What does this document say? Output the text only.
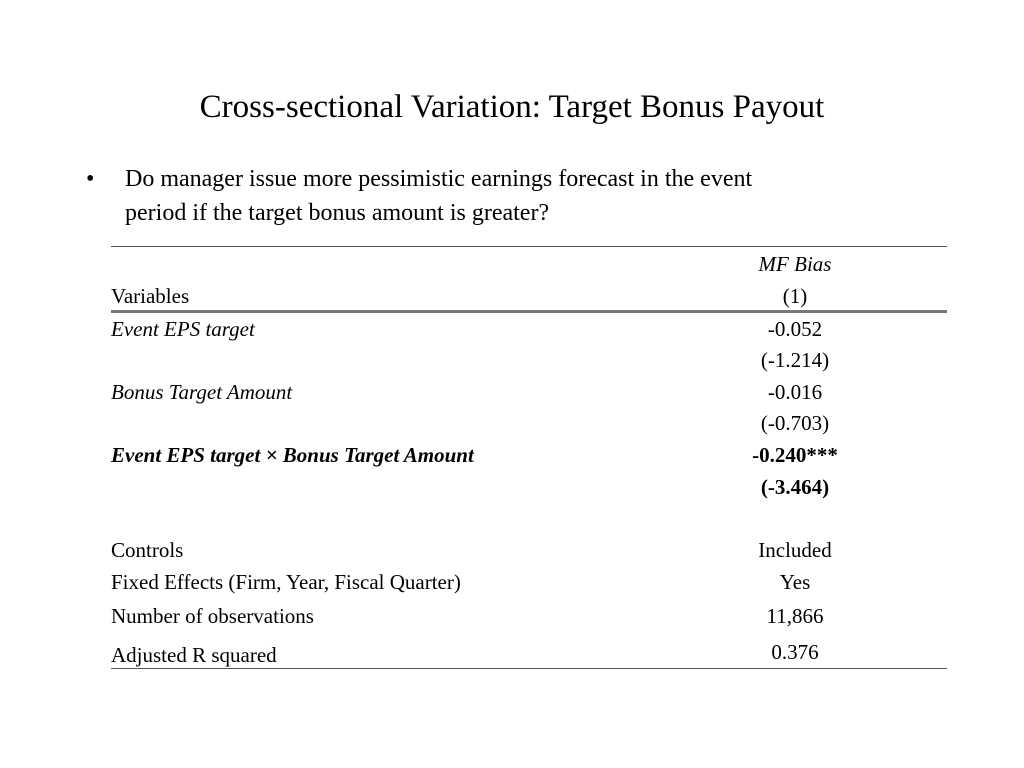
Cross-sectional Variation: Target Bonus Payout
• Do manager issue more pessimistic earnings forecast in the event
period if the target bonus amount is greater?
MF Bias
Variables	(1)
Event EPS target	-0.052
(-1.214)
Bonus Target Amount	-0.016
(-0.703)
Event EPS target × Bonus Target Amount	-0.240***
(-3.464)
Controls	Included
Fixed Effects (Firm, Year, Fiscal Quarter)	Yes
Number of observations	11,866
Adjusted R squared	0.376
